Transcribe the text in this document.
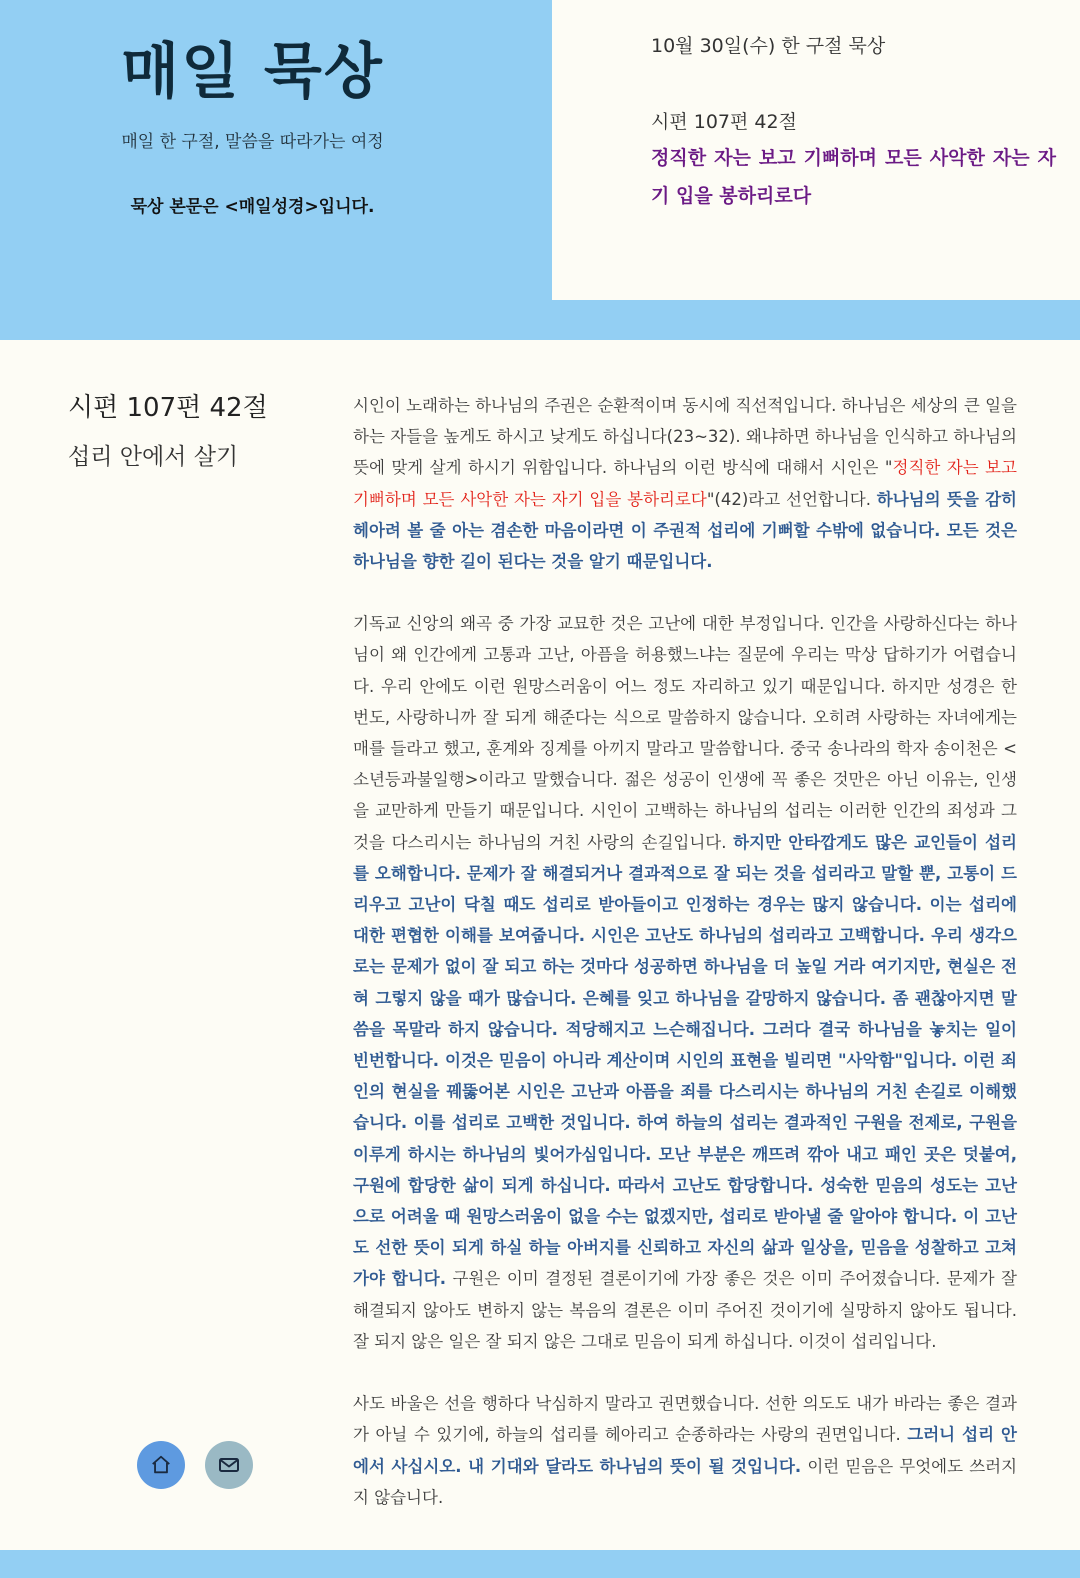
매일 묵상
매일 한 구절, 말씀을 따라가는 여정
묵상 본문은 <매일성경>입니다.
10월 30일(수) 한 구절 묵상
시편 107편 42절
정직한 자는 보고 기뻐하며 모든 사악한 자는 자기 입을 봉하리로다
시편 107편 42절
섭리 안에서 살기

시인이 노래하는 하나님의 주권은 순환적이며 동시에 직선적입니다. 하나님은 세상의 큰 일을 하는 자들을 높게도 하시고 낮게도 하십니다(23~32). 왜냐하면 하나님을 인식하고 하나님의 뜻에 맞게 살게 하시기 위함입니다. 하나님의 이런 방식에 대해서 시인은 "정직한 자는 보고 기뻐하며 모든 사악한 자는 자기 입을 봉하리로다"(42)라고 선언합니다. 하나님의 뜻을 감히 헤아려 볼 줄 아는 겸손한 마음이라면 이 주권적 섭리에 기뻐할 수밖에 없습니다. 모든 것은 하나님을 향한 길이 된다는 것을 알기 때문입니다.

기독교 신앙의 왜곡 중 가장 교묘한 것은 고난에 대한 부정입니다. 인간을 사랑하신다는 하나님이 왜 인간에게 고통과 고난, 아픔을 허용했느냐는 질문에 우리는 막상 답하기가 어렵습니다. 우리 안에도 이런 원망스러움이 어느 정도 자리하고 있기 때문입니다. 하지만 성경은 한 번도, 사랑하니까 잘 되게 해준다는 식으로 말씀하지 않습니다. 오히려 사랑하는 자녀에게는 매를 들라고 했고, 훈계와 징계를 아끼지 말라고 말씀합니다. 중국 송나라의 학자 송이천은 <소년등과불일행>이라고 말했습니다. 젊은 성공이 인생에 꼭 좋은 것만은 아닌 이유는, 인생을 교만하게 만들기 때문입니다. 시인이 고백하는 하나님의 섭리는 이러한 인간의 죄성과 그것을 다스리시는 하나님의 거친 사랑의 손길입니다. 하지만 안타깝게도 많은 교인들이 섭리를 오해합니다. 문제가 잘 해결되거나 결과적으로 잘 되는 것을 섭리라고 말할 뿐, 고통이 드리우고 고난이 닥칠 때도 섭리로 받아들이고 인정하는 경우는 많지 않습니다. 이는 섭리에 대한 편협한 이해를 보여줍니다. 시인은 고난도 하나님의 섭리라고 고백합니다. 우리 생각으로는 문제가 없이 잘 되고 하는 것마다 성공하면 하나님을 더 높일 거라 여기지만, 현실은 전혀 그렇지 않을 때가 많습니다. 은혜를 잊고 하나님을 갈망하지 않습니다. 좀 괜찮아지면 말씀을 목말라 하지 않습니다. 적당해지고 느슨해집니다. 그러다 결국 하나님을 놓치는 일이 빈번합니다. 이것은 믿음이 아니라 계산이며 시인의 표현을 빌리면 "사악함"입니다. 이런 죄인의 현실을 꿰뚫어본 시인은 고난과 아픔을 죄를 다스리시는 하나님의 거친 손길로 이해했습니다. 이를 섭리로 고백한 것입니다. 하여 하늘의 섭리는 결과적인 구원을 전제로, 구원을 이루게 하시는 하나님의 빛어가심입니다. 모난 부분은 깨뜨려 깎아 내고 패인 곳은 덧붙여, 구원에 합당한 삶이 되게 하십니다. 따라서 고난도 합당합니다. 성숙한 믿음의 성도는 고난으로 어려울 때 원망스러움이 없을 수는 없겠지만, 섭리로 받아낼 줄 알아야 합니다. 이 고난도 선한 뜻이 되게 하실 하늘 아버지를 신뢰하고 자신의 삶과 일상을, 믿음을 성찰하고 고쳐가야 합니다. 구원은 이미 결정된 결론이기에 가장 좋은 것은 이미 주어졌습니다. 문제가 잘 해결되지 않아도 변하지 않는 복음의 결론은 이미 주어진 것이기에 실망하지 않아도 됩니다. 잘 되지 않은 일은 잘 되지 않은 그대로 믿음이 되게 하십니다. 이것이 섭리입니다.

사도 바울은 선을 행하다 낙심하지 말라고 권면했습니다. 선한 의도도 내가 바라는 좋은 결과가 아닐 수 있기에, 하늘의 섭리를 헤아리고 순종하라는 사랑의 권면입니다. 그러니 섭리 안에서 사십시오. 내 기대와 달라도 하나님의 뜻이 될 것입니다. 이런 믿음은 무엇에도 쓰러지지 않습니다.
